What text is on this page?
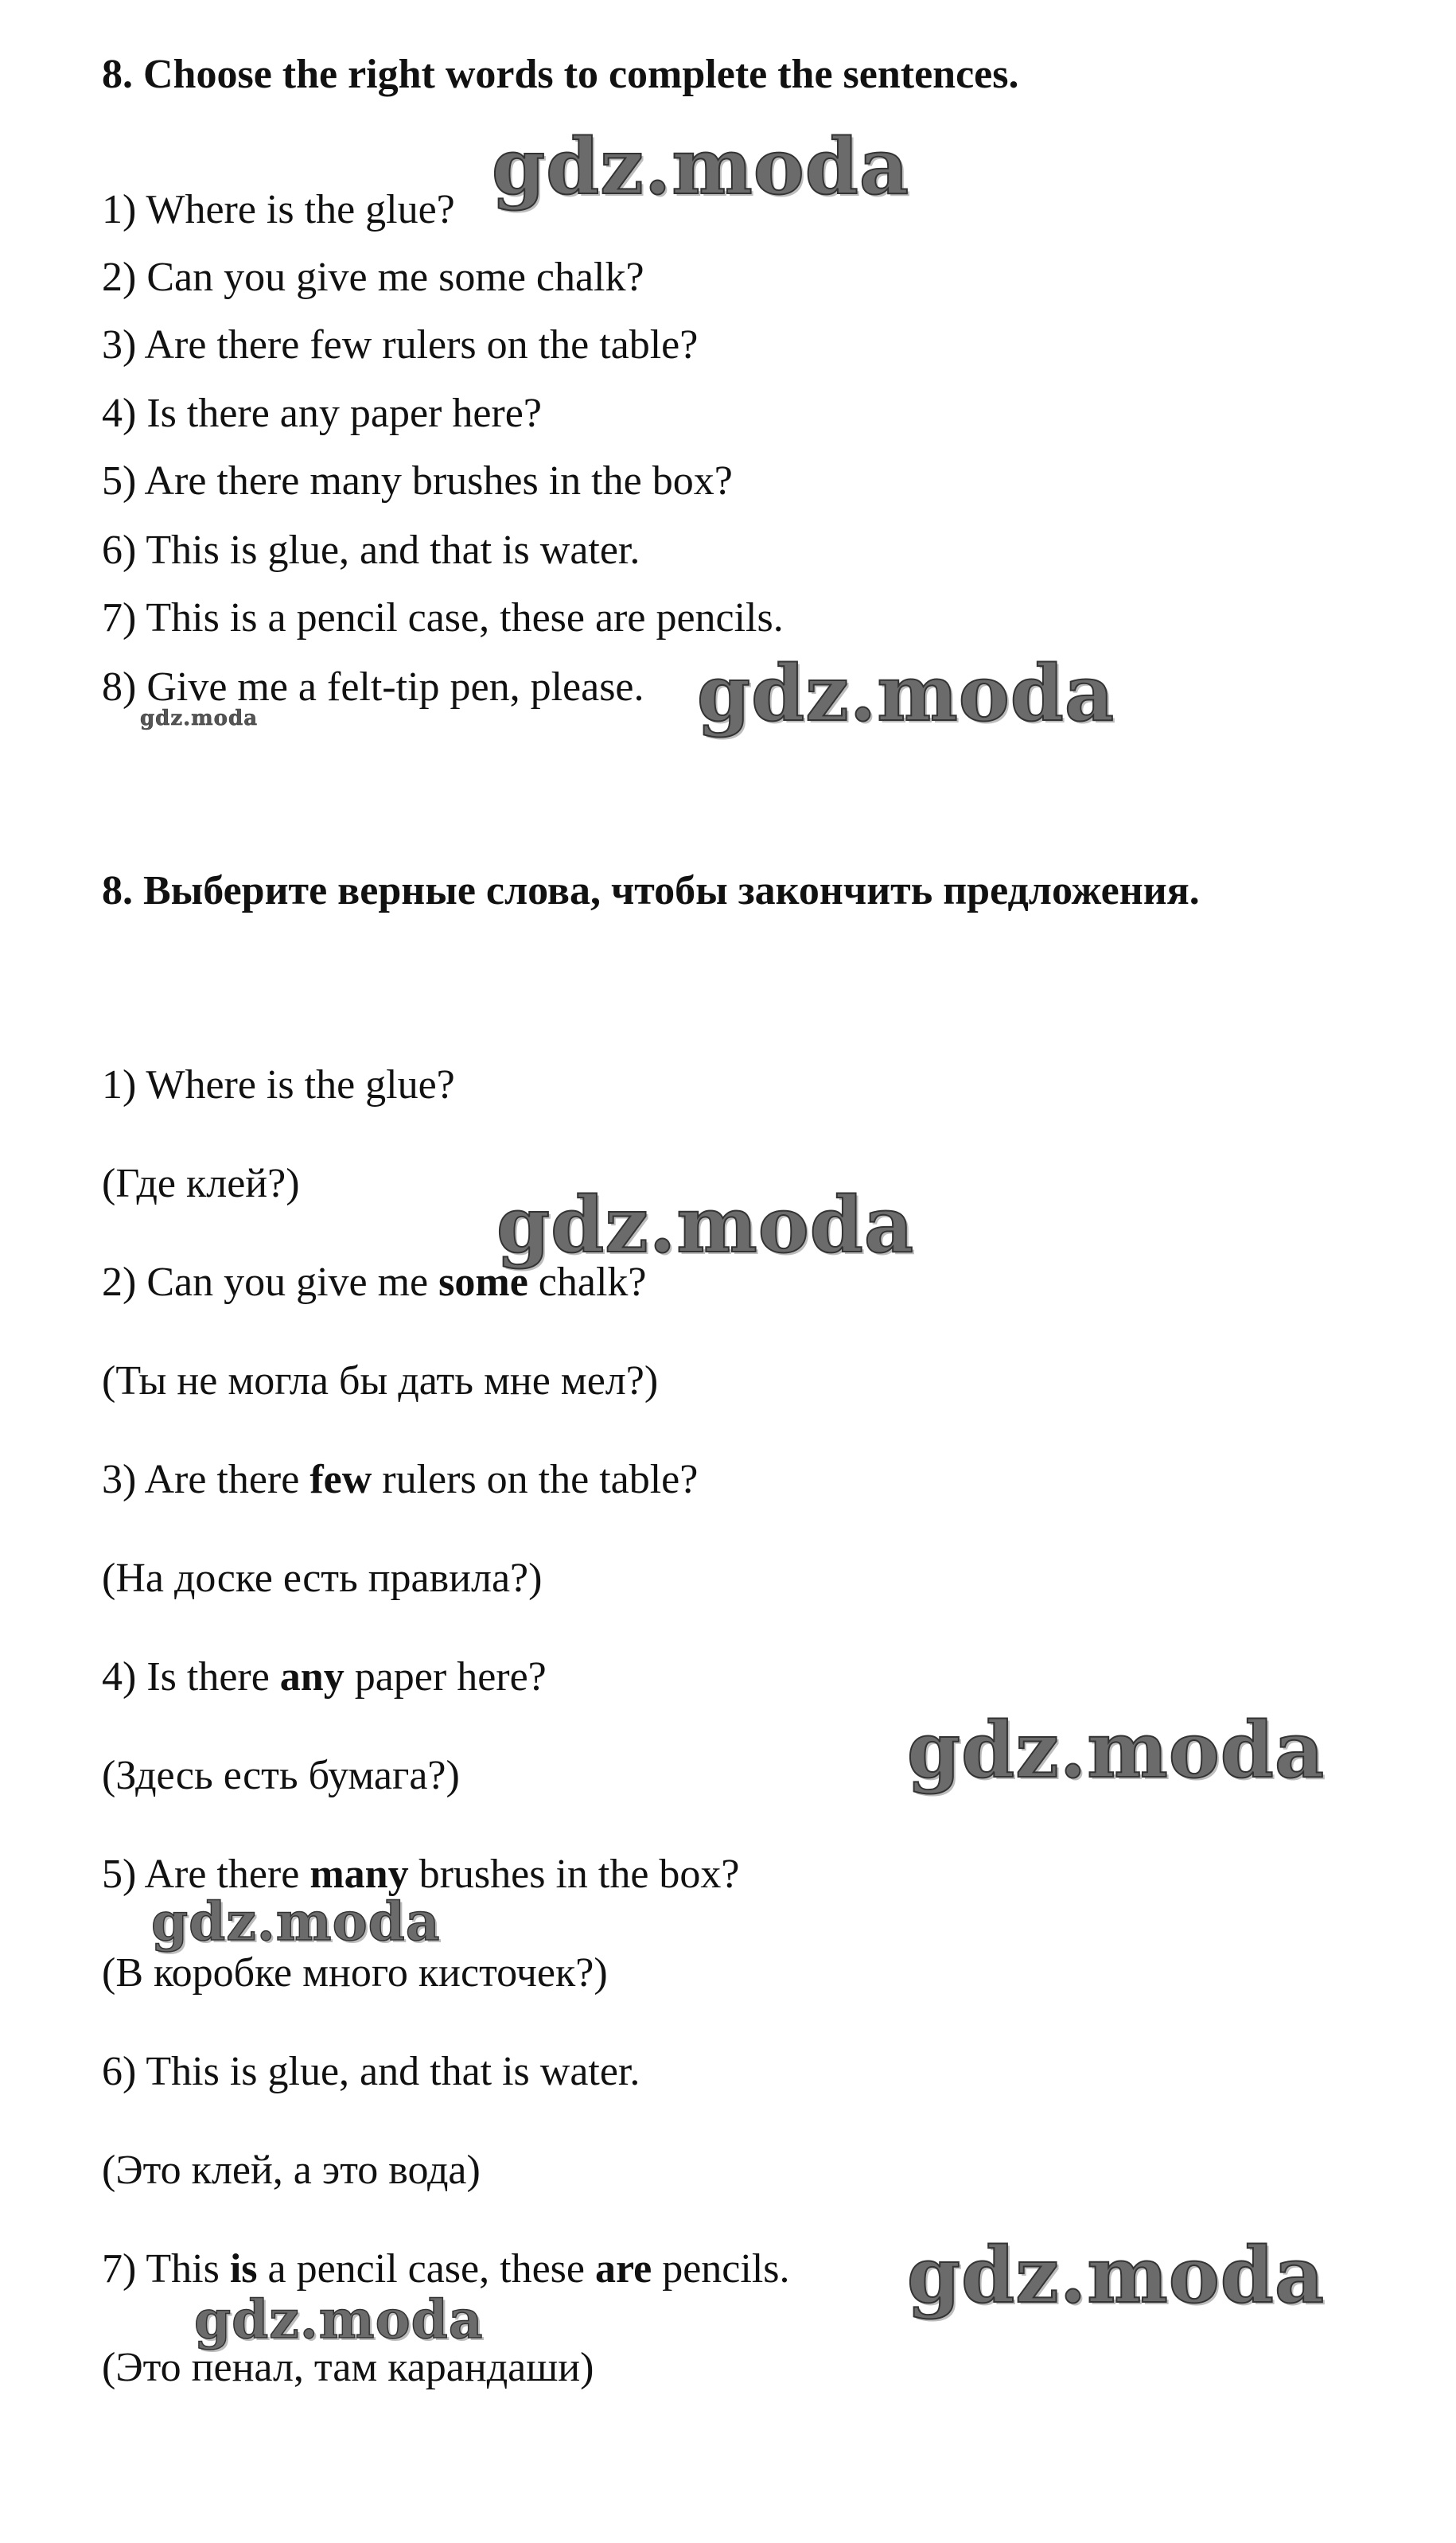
8. Choose the right words to complete the sentences.
1) Where is the glue?
2) Can you give me some chalk?
3) Are there few rulers on the table?
4) Is there any paper here?
5) Are there many brushes in the box?
6) This is glue, and that is water.
7) This is a pencil case, these are pencils.
8) Give me a felt-tip pen, please.
8. Выберите верные слова, чтобы закончить предложения.
1) Where is the glue?
(Где клей?)
2) Can you give me some chalk?
(Ты не могла бы дать мне мел?)
3) Are there few rulers on the table?
(На доске есть правила?)
4) Is there any paper here?
(Здесь есть бумага?)
5) Are there many brushes in the box?
(В коробке много кисточек?)
6) This is glue, and that is water.
(Это клей, а это вода)
7) This is a pencil case, these are pencils.
(Это пенал, там карандаши)
gdz.moda
gdz.moda
gdz.moda
gdz.moda
gdz.moda
gdz.moda
gdz.moda
gdz.moda
